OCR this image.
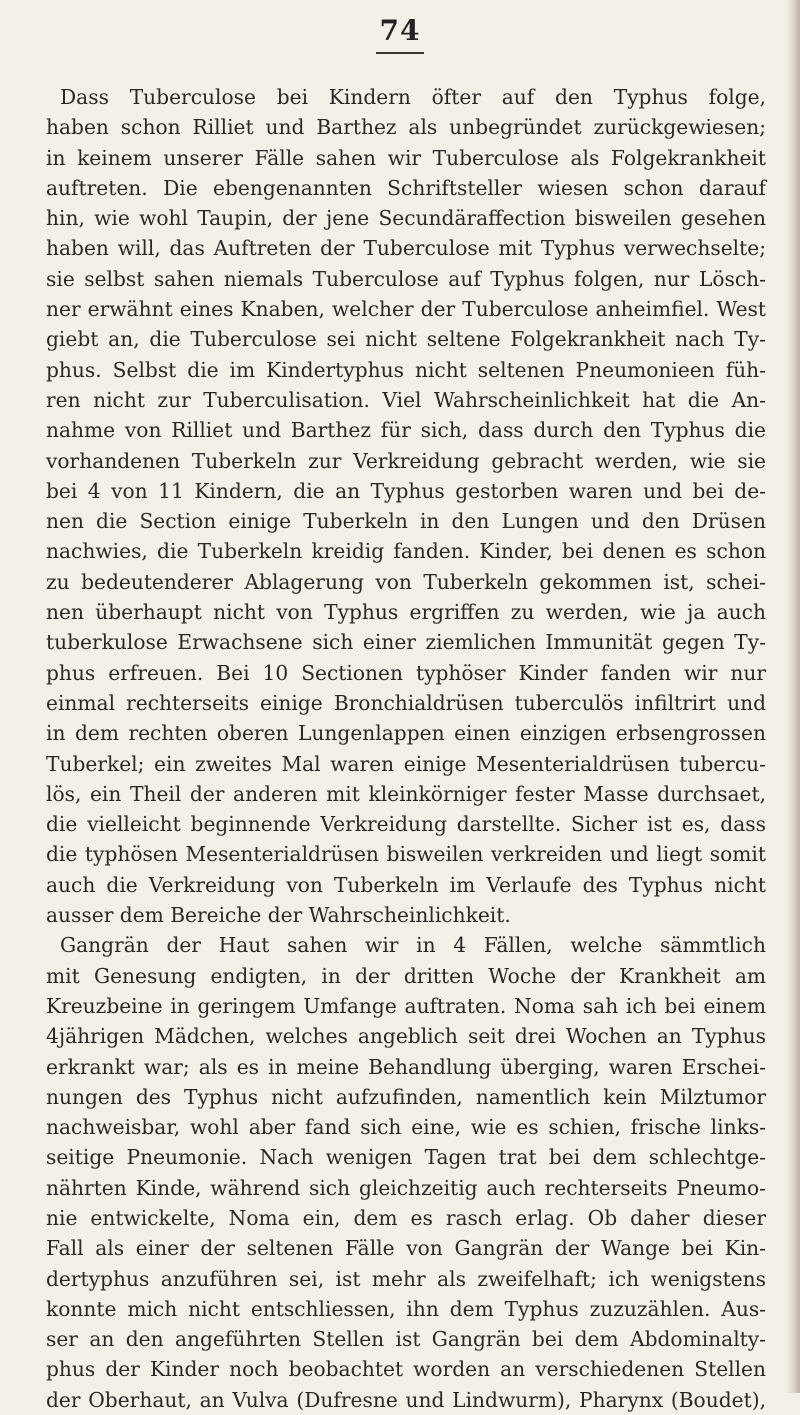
74
Dass Tuberculose bei Kindern öfter auf den Typhus folge,
haben schon Rilliet und Barthez als unbegründet zurückgewiesen;
in keinem unserer Fälle sahen wir Tuberculose als Folgekrankheit
auftreten. Die ebengenannten Schriftsteller wiesen schon darauf
hin, wie wohl Taupin, der jene Secundäraffection bisweilen gesehen
haben will, das Auftreten der Tuberculose mit Typhus verwechselte;
sie selbst sahen niemals Tuberculose auf Typhus folgen, nur Lösch-
ner erwähnt eines Knaben, welcher der Tuberculose anheimfiel. West
giebt an, die Tuberculose sei nicht seltene Folgekrankheit nach Ty-
phus. Selbst die im Kindertyphus nicht seltenen Pneumonieen füh-
ren nicht zur Tuberculisation. Viel Wahrscheinlichkeit hat die An-
nahme von Rilliet und Barthez für sich, dass durch den Typhus die
vorhandenen Tuberkeln zur Verkreidung gebracht werden, wie sie
bei 4 von 11 Kindern, die an Typhus gestorben waren und bei de-
nen die Section einige Tuberkeln in den Lungen und den Drüsen
nachwies, die Tuberkeln kreidig fanden. Kinder, bei denen es schon
zu bedeutenderer Ablagerung von Tuberkeln gekommen ist, schei-
nen überhaupt nicht von Typhus ergriffen zu werden, wie ja auch
tuberkulose Erwachsene sich einer ziemlichen Immunität gegen Ty-
phus erfreuen. Bei 10 Sectionen typhöser Kinder fanden wir nur
einmal rechterseits einige Bronchialdrüsen tuberculös infiltrirt und
in dem rechten oberen Lungenlappen einen einzigen erbsengrossen
Tuberkel; ein zweites Mal waren einige Mesenterialdrüsen tubercu-
lös, ein Theil der anderen mit kleinkörniger fester Masse durchsaet,
die vielleicht beginnende Verkreidung darstellte. Sicher ist es, dass
die typhösen Mesenterialdrüsen bisweilen verkreiden und liegt somit
auch die Verkreidung von Tuberkeln im Verlaufe des Typhus nicht
ausser dem Bereiche der Wahrscheinlichkeit.
Gangrän der Haut sahen wir in 4 Fällen, welche sämmtlich
mit Genesung endigten, in der dritten Woche der Krankheit am
Kreuzbeine in geringem Umfange auftraten. Noma sah ich bei einem
4jährigen Mädchen, welches angeblich seit drei Wochen an Typhus
erkrankt war; als es in meine Behandlung überging, waren Erschei-
nungen des Typhus nicht aufzufinden, namentlich kein Milztumor
nachweisbar, wohl aber fand sich eine, wie es schien, frische links-
seitige Pneumonie. Nach wenigen Tagen trat bei dem schlechtge-
nährten Kinde, während sich gleichzeitig auch rechterseits Pneumo-
nie entwickelte, Noma ein, dem es rasch erlag. Ob daher dieser
Fall als einer der seltenen Fälle von Gangrän der Wange bei Kin-
dertyphus anzuführen sei, ist mehr als zweifelhaft; ich wenigstens
konnte mich nicht entschliessen, ihn dem Typhus zuzuzählen. Aus-
ser an den angeführten Stellen ist Gangrän bei dem Abdominalty-
phus der Kinder noch beobachtet worden an verschiedenen Stellen
der Oberhaut, an Vulva (Dufresne und Lindwurm), Pharynx (Boudet),
